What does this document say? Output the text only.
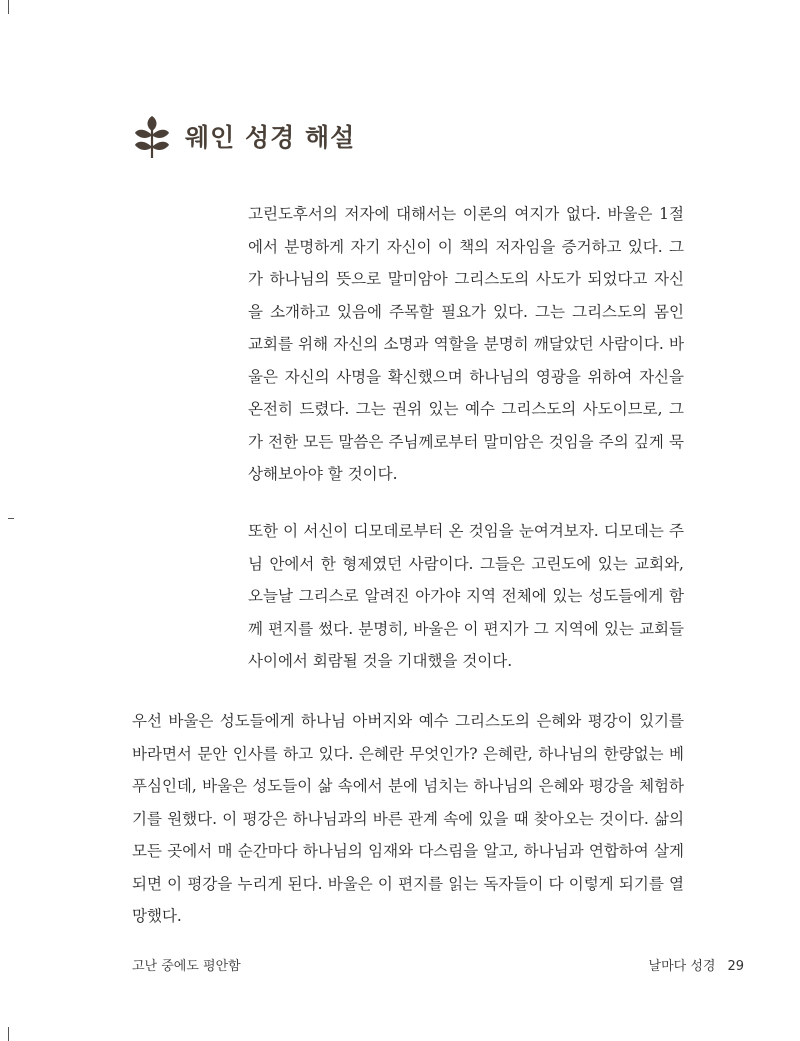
웨인 성경 해설

고린도후서의 저자에 대해서는 이론의 여지가 없다. 바울은 1절에서 분명하게 자기 자신이 이 책의 저자임을 증거하고 있다. 그가 하나님의 뜻으로 말미암아 그리스도의 사도가 되었다고 자신을 소개하고 있음에 주목할 필요가 있다. 그는 그리스도의 몸인 교회를 위해 자신의 소명과 역할을 분명히 깨달았던 사람이다. 바울은 자신의 사명을 확신했으며 하나님의 영광을 위하여 자신을 온전히 드렸다. 그는 권위 있는 예수 그리스도의 사도이므로, 그가 전한 모든 말씀은 주님께로부터 말미암은 것임을 주의 깊게 묵상해보아야 할 것이다.

또한 이 서신이 디모데로부터 온 것임을 눈여겨보자. 디모데는 주님 안에서 한 형제였던 사람이다. 그들은 고린도에 있는 교회와, 오늘날 그리스로 알려진 아가야 지역 전체에 있는 성도들에게 함께 편지를 썼다. 분명히, 바울은 이 편지가 그 지역에 있는 교회들 사이에서 회람될 것을 기대했을 것이다.

우선 바울은 성도들에게 하나님 아버지와 예수 그리스도의 은혜와 평강이 있기를 바라면서 문안 인사를 하고 있다. 은혜란 무엇인가? 은혜란, 하나님의 한량없는 베푸심인데, 바울은 성도들이 삶 속에서 분에 넘치는 하나님의 은혜와 평강을 체험하기를 원했다. 이 평강은 하나님과의 바른 관계 속에 있을 때 찾아오는 것이다. 삶의 모든 곳에서 매 순간마다 하나님의 임재와 다스림을 알고, 하나님과 연합하여 살게 되면 이 평강을 누리게 된다. 바울은 이 편지를 읽는 독자들이 다 이렇게 되기를 열망했다.

고난 중에도 평안함	날마다 성경 29
